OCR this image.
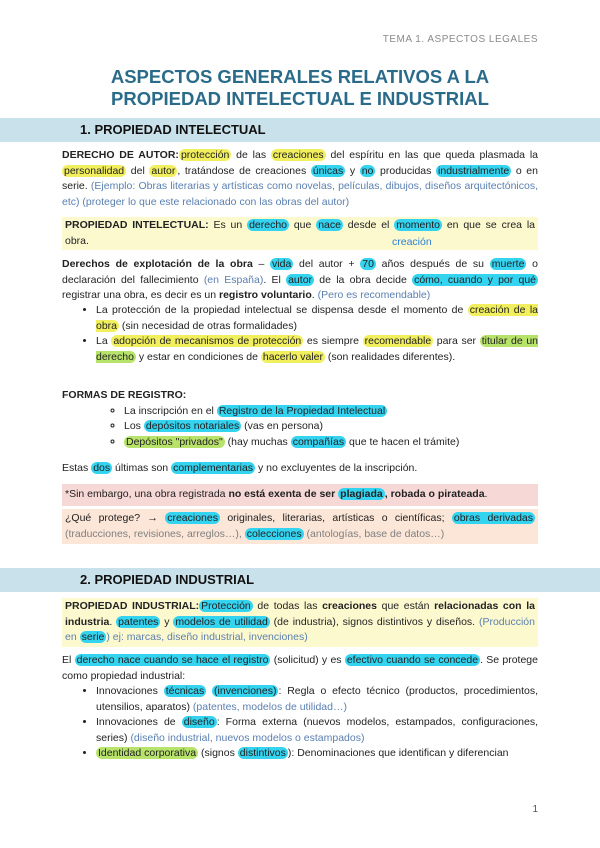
TEMA 1. ASPECTOS LEGALES
ASPECTOS GENERALES RELATIVOS A LA
PROPIEDAD INTELECTUAL E INDUSTRIAL
1. PROPIEDAD INTELECTUAL
DERECHO DE AUTOR: protección de las creaciones del espíritu en las que queda plasmada la personalidad del autor , tratándose de creaciones únicas y no producidas industrialmente o en serie. (Ejemplo: Obras literarias y artísticas como novelas, películas, dibujos, diseños arquitectónicos, etc) (proteger lo que este relacionado con las obras del autor)
PROPIEDAD INTELECTUAL: Es un derecho que nace desde el momento en que se crea la obra.	creación
Derechos de explotación de la obra – vida del autor + 70 años después de su muerte o declaración del fallecimiento (en España). El autor de la obra decide cómo, cuando y por qué registrar una obra, es decir es un registro voluntario. (Pero es recomendable)
• La protección de la propiedad intelectual se dispensa desde el momento de creación de la obra (sin necesidad de otras formalidades)
• La adopción de mecanismos de protección es siempre recomendable para ser titular de un derecho y estar en condiciones de hacerlo valer (son realidades diferentes).
FORMAS DE REGISTRO:
◦ La inscripción en el Registro de la Propiedad Intelectual
◦ Los depósitos notariales (vas en persona)
◦ Depósitos "privados" (hay muchas compañías que te hacen el trámite)
Estas dos últimas son complementarias y no excluyentes de la inscripción.
*Sin embargo, una obra registrada no está exenta de ser plagiada , robada o pirateada.
¿Qué protege? → creaciones originales, literarias, artísticas o científicas; obras derivadas (traducciones, revisiones, arreglos…), colecciones (antologías, base de datos…)
2. PROPIEDAD INDUSTRIAL
PROPIEDAD INDUSTRIAL: Protección de todas las creaciones que están relacionadas con la industria. patentes y modelos de utilidad (de industria), signos distintivos y diseños. (Producción en serie ) ej: marcas, diseño industrial, invenciones)
El derecho nace cuando se hace el registro (solicitud) y es efectivo cuando se concede . Se protege como propiedad industrial:
• Innovaciones técnicas (invenciones) : Regla o efecto técnico (productos, procedimientos, utensilios, aparatos) (patentes, modelos de utilidad…)
• Innovaciones de diseño : Forma externa (nuevos modelos, estampados, configuraciones, series) (diseño industrial, nuevos modelos o estampados)
• Identidad corporativa (signos distintivos ): Denominaciones que identifican y diferencian
1
